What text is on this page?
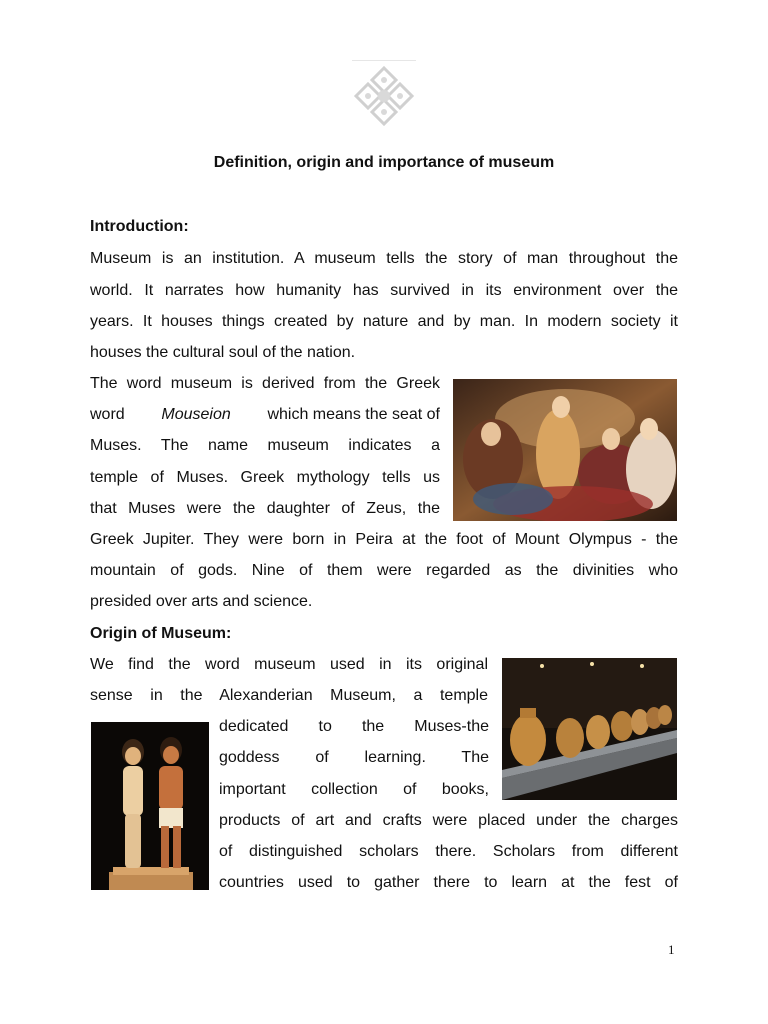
Definition, origin and importance of museum
Introduction:
Museum is an institution. A museum tells the story of man throughout the
world. It narrates how humanity has survived in its environment over the
years. It houses things created by nature and by man. In modern society it
houses the cultural soul of the nation.
The word museum is derived from the Greek
word Mouseion which means the seat of
Muses. The name museum indicates a
temple of Muses. Greek mythology tells us
that Muses were the daughter of Zeus, the
Greek Jupiter. They were born in Peira at the foot of Mount Olympus - the
mountain of gods. Nine of them were regarded as the divinities who
presided over arts and science.
Origin of Museum:
We find the word museum used in its original
sense in the Alexanderian Museum, a temple
dedicated to the Muses-the
goddess of learning. The
important collection of books,
products of art and crafts were placed under the charges
of distinguished scholars there. Scholars from different
countries used to gather there to learn at the fest of
1
